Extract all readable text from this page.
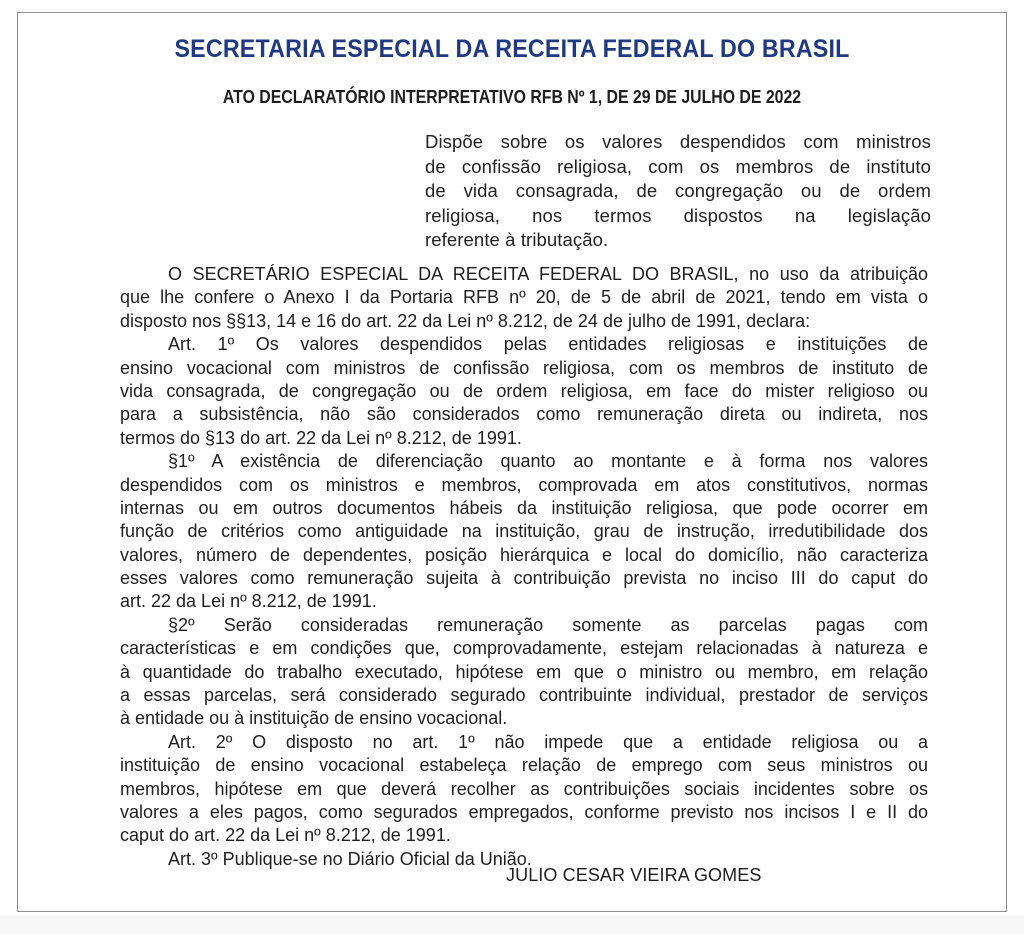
SECRETARIA ESPECIAL DA RECEITA FEDERAL DO BRASIL
ATO DECLARATÓRIO INTERPRETATIVO RFB Nº 1, DE 29 DE JULHO DE 2022
Dispõe sobre os valores despendidos com ministros
de confissão religiosa, com os membros de instituto
de vida consagrada, de congregação ou de ordem
religiosa, nos termos dispostos na legislação
referente à tributação.
O SECRETÁRIO ESPECIAL DA RECEITA FEDERAL DO BRASIL, no uso da atribuição
que lhe confere o Anexo I da Portaria RFB nº 20, de 5 de abril de 2021, tendo em vista o
disposto nos §§13, 14 e 16 do art. 22 da Lei nº 8.212, de 24 de julho de 1991, declara:
Art. 1º Os valores despendidos pelas entidades religiosas e instituições de
ensino vocacional com ministros de confissão religiosa, com os membros de instituto de
vida consagrada, de congregação ou de ordem religiosa, em face do mister religioso ou
para a subsistência, não são considerados como remuneração direta ou indireta, nos
termos do §13 do art. 22 da Lei nº 8.212, de 1991.
§1º A existência de diferenciação quanto ao montante e à forma nos valores
despendidos com os ministros e membros, comprovada em atos constitutivos, normas
internas ou em outros documentos hábeis da instituição religiosa, que pode ocorrer em
função de critérios como antiguidade na instituição, grau de instrução, irredutibilidade dos
valores, número de dependentes, posição hierárquica e local do domicílio, não caracteriza
esses valores como remuneração sujeita à contribuição prevista no inciso III do caput do
art. 22 da Lei nº 8.212, de 1991.
§2º Serão consideradas remuneração somente as parcelas pagas com
características e em condições que, comprovadamente, estejam relacionadas à natureza e
à quantidade do trabalho executado, hipótese em que o ministro ou membro, em relação
a essas parcelas, será considerado segurado contribuinte individual, prestador de serviços
à entidade ou à instituição de ensino vocacional.
Art. 2º O disposto no art. 1º não impede que a entidade religiosa ou a
instituição de ensino vocacional estabeleça relação de emprego com seus ministros ou
membros, hipótese em que deverá recolher as contribuições sociais incidentes sobre os
valores a eles pagos, como segurados empregados, conforme previsto nos incisos I e II do
caput do art. 22 da Lei nº 8.212, de 1991.
Art. 3º Publique-se no Diário Oficial da União.
JULIO CESAR VIEIRA GOMES
